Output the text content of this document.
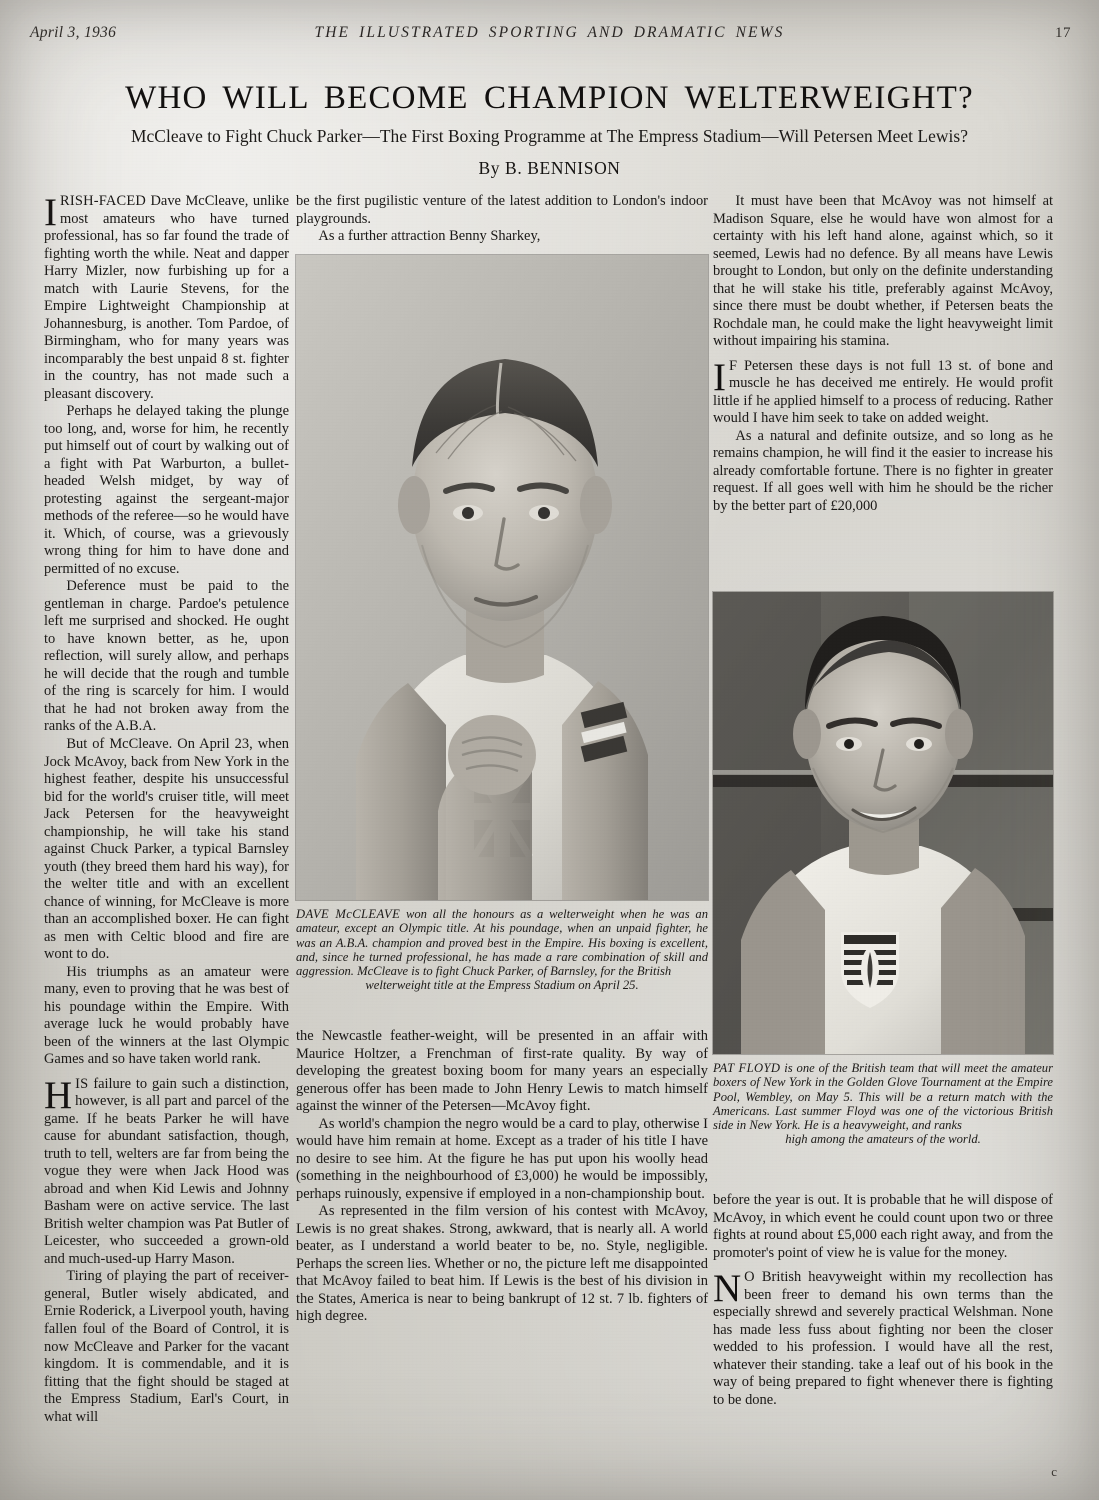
April 3, 1936	THE ILLUSTRATED SPORTING AND DRAMATIC NEWS	17
WHO WILL BECOME CHAMPION WELTERWEIGHT?
McCleave to Fight Chuck Parker—The First Boxing Programme at The Empress Stadium—Will Petersen Meet Lewis?
By B. BENNISON

IRISH-FACED Dave McCleave, unlike most amateurs who have turned professional, has so far found the trade of fighting worth the while. Neat and dapper Harry Mizler, now furbishing up for a match with Laurie Stevens, for the Empire Lightweight Championship at Johannesburg, is another. Tom Pardoe, of Birmingham, who for many years was incomparably the best unpaid 8 st. fighter in the country, has not made such a pleasant discovery.

Perhaps he delayed taking the plunge too long, and, worse for him, he recently put himself out of court by walking out of a fight with Pat Warburton, a bullet-headed Welsh midget, by way of protesting against the sergeant-major methods of the referee—so he would have it. Which, of course, was a grievously wrong thing for him to have done and permitted of no excuse.

Deference must be paid to the gentleman in charge. Pardoe's petulence left me surprised and shocked. He ought to have known better, as he, upon reflection, will surely allow, and perhaps he will decide that the rough and tumble of the ring is scarcely for him. I would that he had not broken away from the ranks of the A.B.A.

But of McCleave. On April 23, when Jock McAvoy, back from New York in the highest feather, despite his unsuccessful bid for the world's cruiser title, will meet Jack Petersen for the heavyweight championship, he will take his stand against Chuck Parker, a typical Barnsley youth (they breed them hard his way), for the welter title and with an excellent chance of winning, for McCleave is more than an accomplished boxer. He can fight as men with Celtic blood and fire are wont to do.

His triumphs as an amateur were many, even to proving that he was best of his poundage within the Empire. With average luck he would probably have been of the winners at the last Olympic Games and so have taken world rank.

HIS failure to gain such a distinction, however, is all part and parcel of the game. If he beats Parker he will have cause for abundant satisfaction, though, truth to tell, welters are far from being the vogue they were when Jack Hood was abroad and when Kid Lewis and Johnny Basham were on active service. The last British welter champion was Pat Butler of Leicester, who succeeded a grown-old and much-used-up Harry Mason.

Tiring of playing the part of receiver-general, Butler wisely abdicated, and Ernie Roderick, a Liverpool youth, having fallen foul of the Board of Control, it is now McCleave and Parker for the vacant kingdom. It is commendable, and it is fitting that the fight should be staged at the Empress Stadium, Earl's Court, in what will

be the first pugilistic venture of the latest addition to London's indoor playgrounds.

As a further attraction Benny Sharkey,

DAVE McCLEAVE won all the honours as a welterweight when he was an amateur, except an Olympic title. At his poundage, when an unpaid fighter, he was an A.B.A. champion and proved best in the Empire. His boxing is excellent, and, since he turned professional, he has made a rare combination of skill and aggression. McCleave is to fight Chuck Parker, of Barnsley, for the British
welterweight title at the Empress Stadium on April 25.

the Newcastle feather-weight, will be presented in an affair with Maurice Holtzer, a Frenchman of first-rate quality. By way of developing the greatest boxing boom for many years an especially generous offer has been made to John Henry Lewis to match himself against the winner of the Petersen—McAvoy fight.

As world's champion the negro would be a card to play, otherwise I would have him remain at home. Except as a trader of his title I have no desire to see him. At the figure he has put upon his woolly head (something in the neighbourhood of £3,000) he would be impossibly, perhaps ruinously, expensive if employed in a non-championship bout.

As represented in the film version of his contest with McAvoy, Lewis is no great shakes. Strong, awkward, that is nearly all. A world beater, as I understand a world beater to be, no. Style, negligible. Perhaps the screen lies. Whether or no, the picture left me disappointed that McAvoy failed to beat him. If Lewis is the best of his division in the States, America is near to being bankrupt of 12 st. 7 lb. fighters of high degree.

It must have been that McAvoy was not himself at Madison Square, else he would have won almost for a certainty with his left hand alone, against which, so it seemed, Lewis had no defence. By all means have Lewis brought to London, but only on the definite understanding that he will stake his title, preferably against McAvoy, since there must be doubt whether, if Petersen beats the Rochdale man, he could make the light heavyweight limit without impairing his stamina.

I F Petersen these days is not full 13 st. of bone and muscle he has deceived me entirely. He would profit little if he applied himself to a process of reducing. Rather would I have him seek to take on added weight.

As a natural and definite outsize, and so long as he remains champion, he will find it the easier to increase his already comfortable fortune. There is no fighter in greater request. If all goes well with him he should be the richer by the better part of £20,000

PAT FLOYD is one of the British team that will meet the amateur boxers of New York in the Golden Glove Tournament at the Empire Pool, Wembley, on May 5. This will be a return match with the Americans. Last summer Floyd was one of the victorious British side in New York. He is a heavyweight, and ranks
high among the amateurs of the world.

before the year is out. It is probable that he will dispose of McAvoy, in which event he could count upon two or three fights at round about £5,000 each right away, and from the promoter's point of view he is value for the money.

N O British heavyweight within my recollection has been freer to demand his own terms than the especially shrewd and severely practical Welshman. None has made less fuss about fighting nor been the closer wedded to his profession. I would have all the rest, whatever their standing. take a leaf out of his book in the way of being prepared to fight whenever there is fighting to be done.

c
